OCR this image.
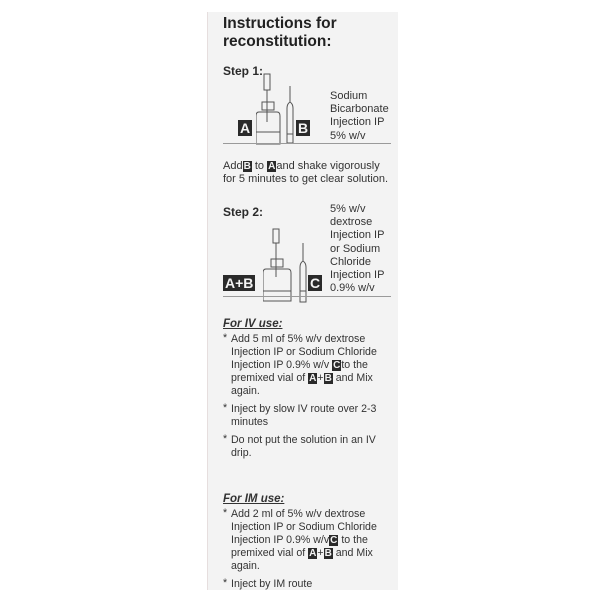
Instructions for reconstitution:
Step 1:
A	B
Sodium
Bicarbonate
Injection IP
5% w/v
AddB to Aand shake vigorously for 5 minutes to get clear solution.
Step 2:
A+B	C
5% w/v
dextrose
Injection IP
or Sodium
Chloride
Injection IP
0.9% w/v
For IV use:
* Add 5 ml of 5% w/v dextrose Injection IP or Sodium Chloride Injection IP 0.9% w/v Cto the premixed vial of A+B and Mix again.
* Inject by slow IV route over 2-3 minutes
* Do not put the solution in an IV drip.
For IM use:
* Add 2 ml of 5% w/v dextrose Injection IP or Sodium Chloride Injection IP 0.9% w/vC to the premixed vial of A+B and Mix again.
* Inject by IM route
